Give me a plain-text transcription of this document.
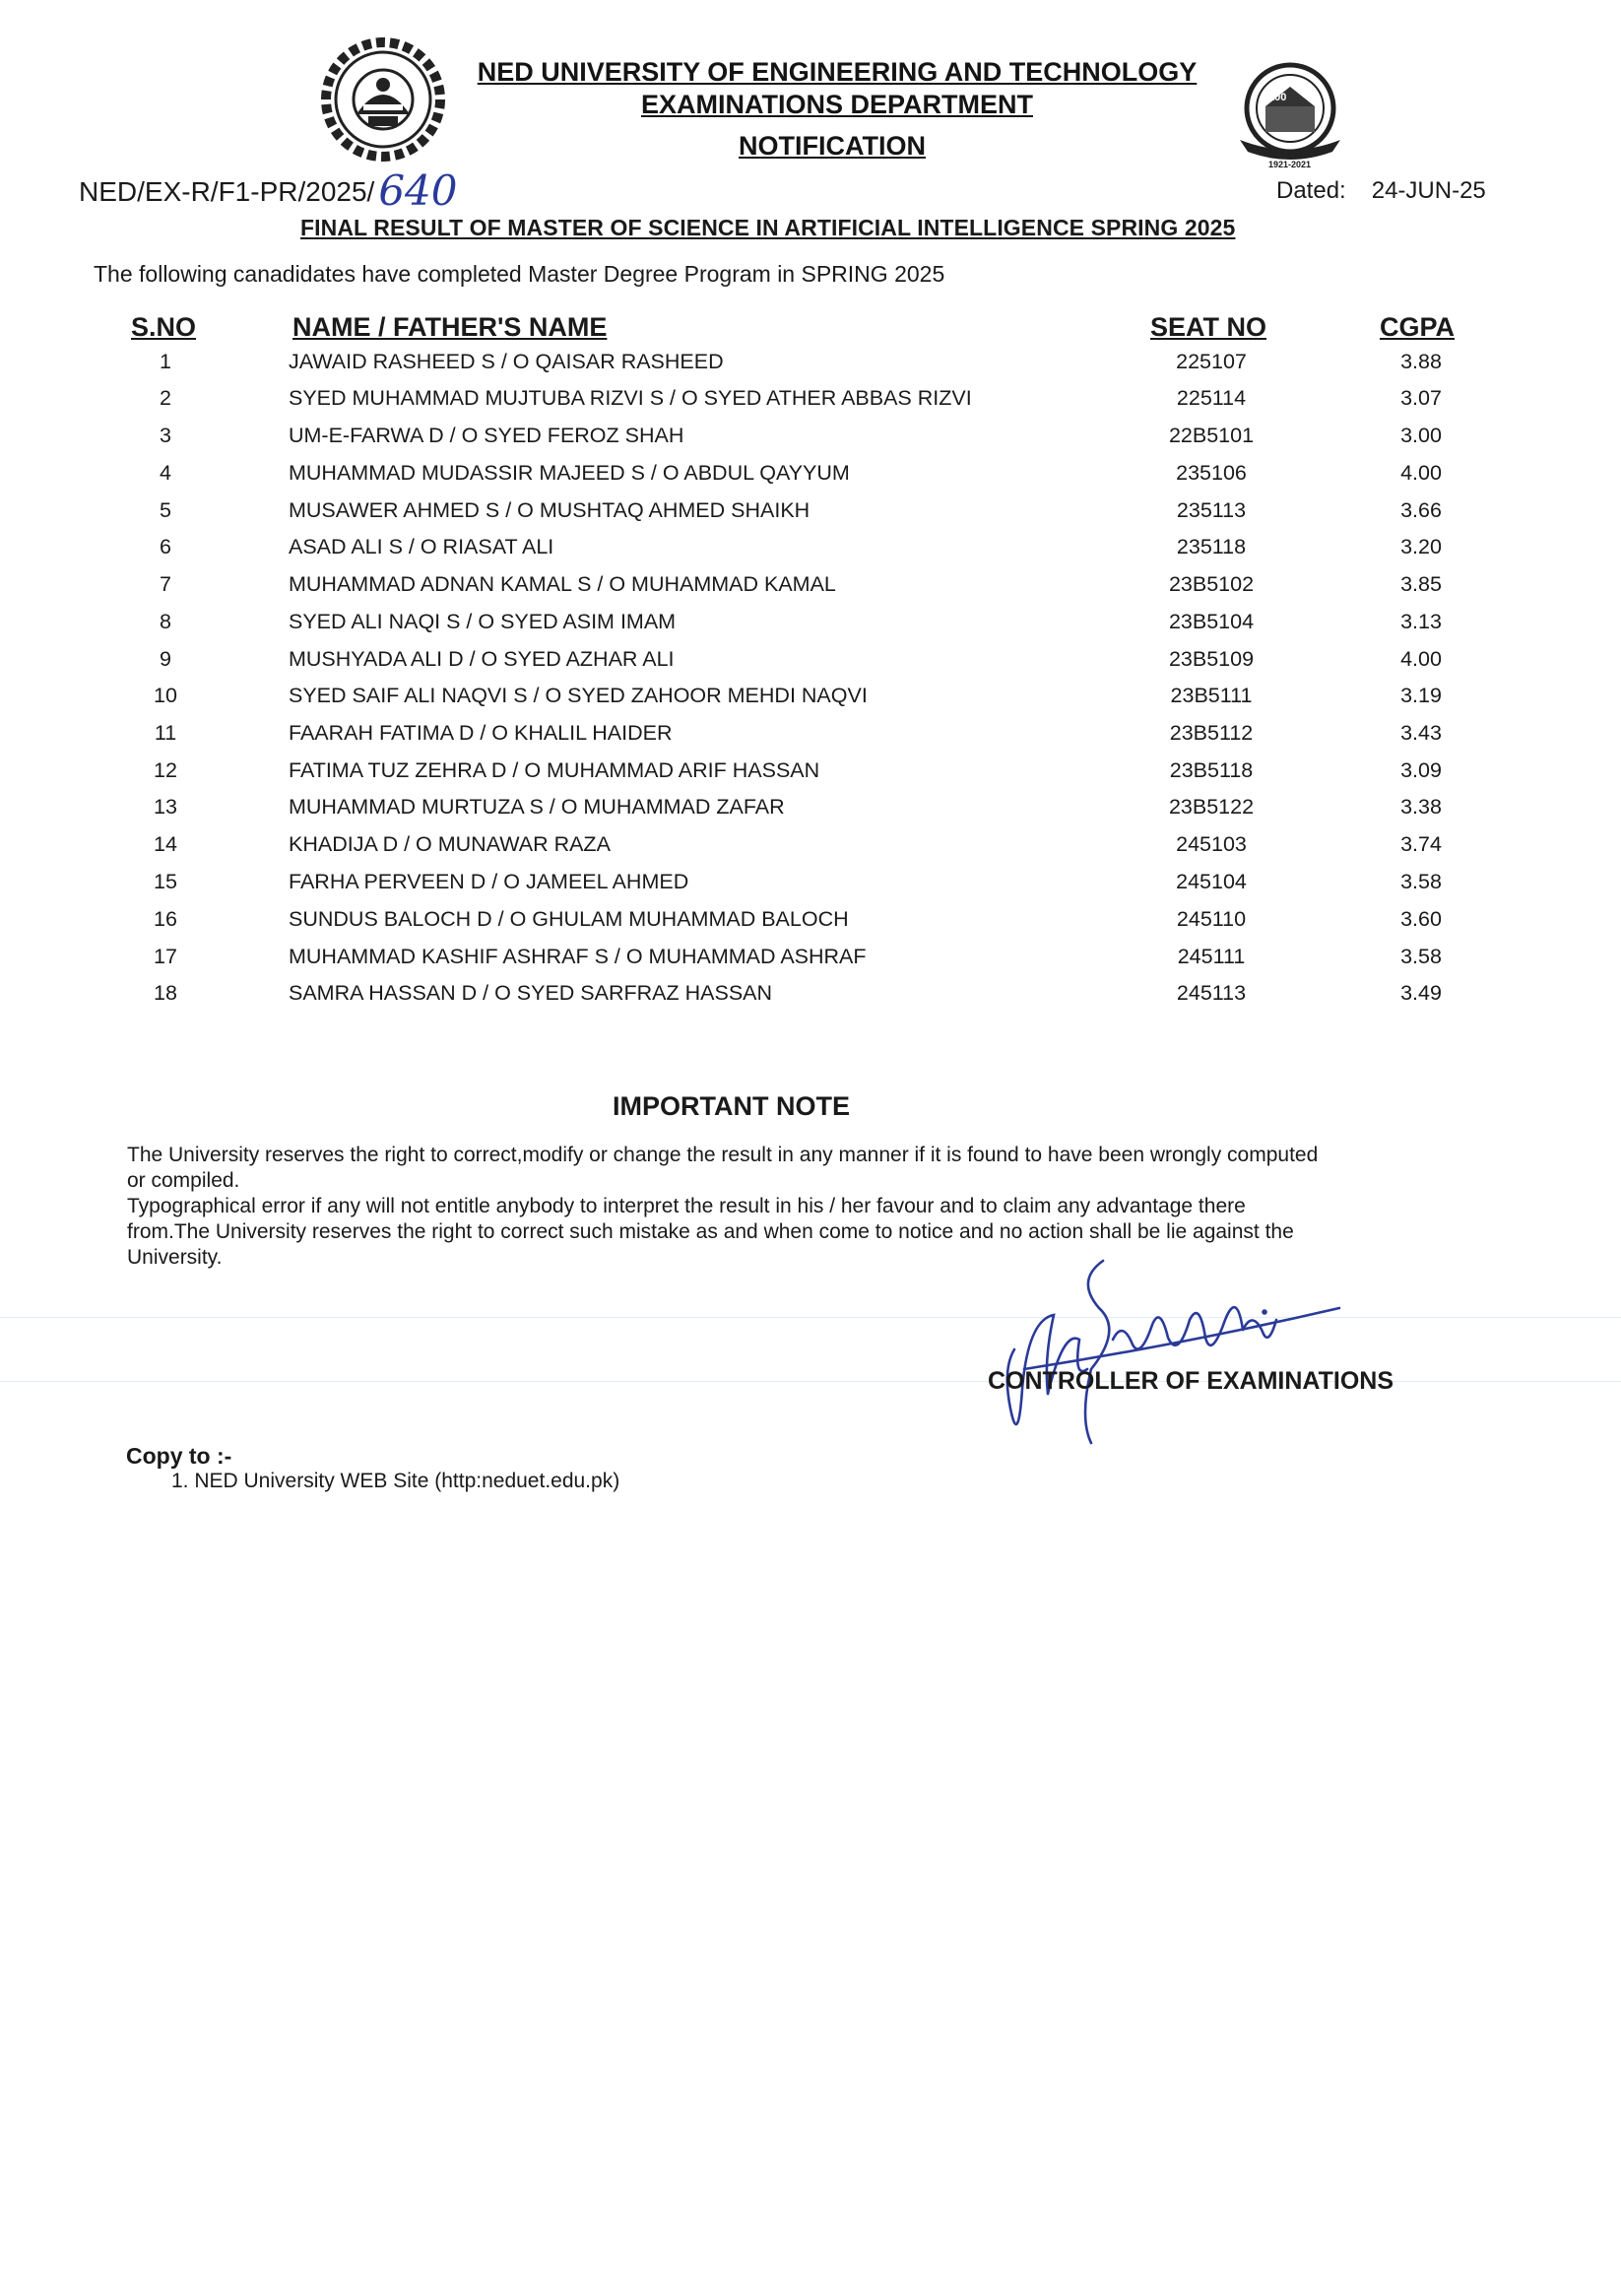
100
1921-2021
NED UNIVERSITY OF ENGINEERING AND TECHNOLOGY
EXAMINATIONS DEPARTMENT
NOTIFICATION
NED/EX-R/F1-PR/2025/640	Dated: 24-JUN-25
FINAL RESULT OF MASTER OF SCIENCE IN ARTIFICIAL INTELLIGENCE SPRING 2025
The following canadidates have completed Master Degree Program in SPRING 2025
S.NO	NAME / FATHER'S NAME	SEAT NO	CGPA
1	JAWAID RASHEED S / O QAISAR RASHEED	225107	3.88
2	SYED MUHAMMAD MUJTUBA RIZVI S / O SYED ATHER ABBAS RIZVI	225114	3.07
3	UM-E-FARWA D / O SYED FEROZ SHAH	22B5101	3.00
4	MUHAMMAD MUDASSIR MAJEED S / O ABDUL QAYYUM	235106	4.00
5	MUSAWER AHMED S / O MUSHTAQ AHMED SHAIKH	235113	3.66
6	ASAD ALI S / O RIASAT ALI	235118	3.20
7	MUHAMMAD ADNAN KAMAL S / O MUHAMMAD KAMAL	23B5102	3.85
8	SYED ALI NAQI S / O SYED ASIM IMAM	23B5104	3.13
9	MUSHYADA ALI D / O SYED AZHAR ALI	23B5109	4.00
10	SYED SAIF ALI NAQVI S / O SYED ZAHOOR MEHDI NAQVI	23B5111	3.19
11	FAARAH FATIMA D / O KHALIL HAIDER	23B5112	3.43
12	FATIMA TUZ ZEHRA D / O MUHAMMAD ARIF HASSAN	23B5118	3.09
13	MUHAMMAD MURTUZA S / O MUHAMMAD ZAFAR	23B5122	3.38
14	KHADIJA D / O MUNAWAR RAZA	245103	3.74
15	FARHA PERVEEN D / O JAMEEL AHMED	245104	3.58
16	SUNDUS BALOCH D / O GHULAM MUHAMMAD BALOCH	245110	3.60
17	MUHAMMAD KASHIF ASHRAF S / O MUHAMMAD ASHRAF	245111	3.58
18	SAMRA HASSAN D / O SYED SARFRAZ HASSAN	245113	3.49
IMPORTANT NOTE
The University reserves the right to correct,modify or change the result in any manner if it is found to have been wrongly computed or compiled.
Typographical error if any will not entitle anybody to interpret the result in his / her favour and to claim any advantage there from.The University reserves the right to correct such mistake as and when come to notice and no action shall be lie against the University.
CONTROLLER OF EXAMINATIONS
Copy to :-
1. NED University WEB Site (http:neduet.edu.pk)
